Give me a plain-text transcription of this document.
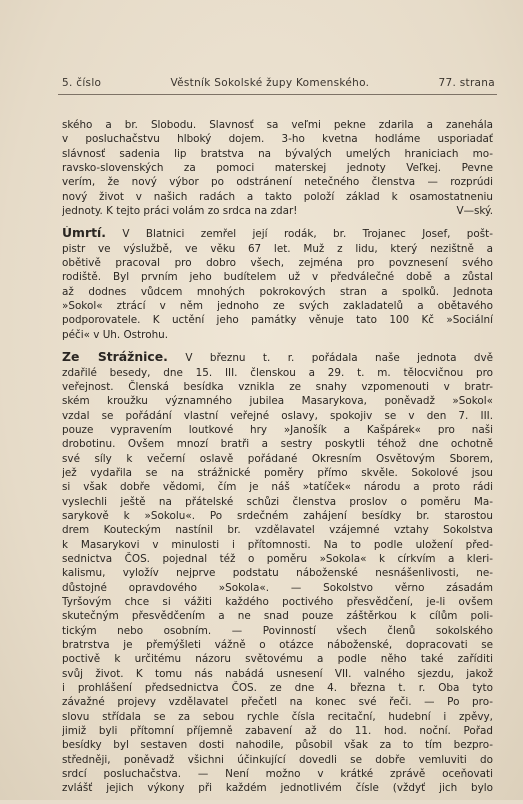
5. číslo	Věstník Sokolské župy Komenského.	77. strana
ského a br. Slobodu. Slavnosť sa veľmi pekne zdarila a zanehála
v posluchačstvu hlboký dojem. 3-ho kvetna hodláme usporiadať
slávnosť sadenia lip bratstva na bývalých umelých hraniciach mo-
ravsko-slovenských za pomoci materskej jednoty Veľkej. Pevne
verím, že nový výbor po odstránení netečného členstva — rozprúdi
nový život v našich radách a takto položí základ k osamostatneniu
jednoty. K tejto práci volám zo srdca na zdar!	V—ský.
Úmrtí. V Blatnici zemřel její rodák, br. Trojanec Josef, pošt-
pistr ve výslužbě, ve věku 67 let. Muž z lidu, který nezištně a
obětivě pracoval pro dobro všech, zejména pro povznesení svého
rodiště. Byl prvním jeho budítelem už v předválečné době a zůstal
až dodnes vůdcem mnohých pokrokových stran a spolků. Jednota
»Sokol« ztrácí v něm jednoho ze svých zakladatelů a obětavého
podporovatele. K uctění jeho památky věnuje tato 100 Kč »Sociální
péči« v Uh. Ostrohu.
Ze Strážnice. V březnu t. r. pořádala naše jednota dvě
zdařilé besedy, dne 15. III. členskou a 29. t. m. tělocvičnou pro
veřejnost. Členská besídka vznikla ze snahy vzpomenouti v bratr-
ském kroužku významného jubilea Masarykova, poněvadž »Sokol«
vzdal se pořádání vlastní veřejné oslavy, spokojiv se v den 7. III.
pouze vypravením loutkové hry »Janošík a Kašpárek« pro naši
drobotinu. Ovšem mnozí bratři a sestry poskytli téhož dne ochotně
své síly k večerní oslavě pořádané Okresním Osvětovým Sborem,
jež vydařila se na strážnické poměry přímo skvěle. Sokolové jsou
si však dobře vědomi, čím je náš »tatíček« národu a proto rádi
vyslechli ještě na přátelské schůzi členstva proslov o poměru Ma-
sarykově k »Sokolu«. Po srdečném zahájení besídky br. starostou
drem Kouteckým nastínil br. vzdělavatel vzájemné vztahy Sokolstva
k Masarykovi v minulosti i přítomnosti. Na to podle uložení před-
sednictva ČOS. pojednal též o poměru »Sokola« k církvím a kleri-
kalismu, vyložív nejprve podstatu náboženské nesnášenlivosti, ne-
důstojné opravdového »Sokola«. — Sokolstvo věrno zásadám
Tyršovým chce si vážiti každého poctivého přesvědčení, je-li ovšem
skutečným přesvědčením a ne snad pouze záštěrkou k cílům poli-
tickým nebo osobním. — Povinností všech členů sokolského
bratrstva je přemýšleti vážně o otázce náboženské, dopracovati se
poctivě k určitému názoru světovému a podle něho také zaříditi
svůj život. K tomu nás nabádá usnesení VII. valného sjezdu, jakož
i prohlášení předsednictva ČOS. ze dne 4. března t. r. Oba tyto
závažné projevy vzdělavatel přečetl na konec své řeči. — Po pro-
slovu střídala se za sebou rychle čísla recitační, hudební i zpěvy,
jimiž byli přítomní příjemně zabavení až do 11. hod. noční. Pořad
besídky byl sestaven dosti nahodile, působil však za to tím bezpro-
středněji, poněvadž všichni účinkující dovedli se dobře vemluviti do
srdcí posluchačstva. — Není možno v krátké zprávě oceňovati
zvlášť jejich výkony při každém jednotlivém čísle (vždyť jich bylo
